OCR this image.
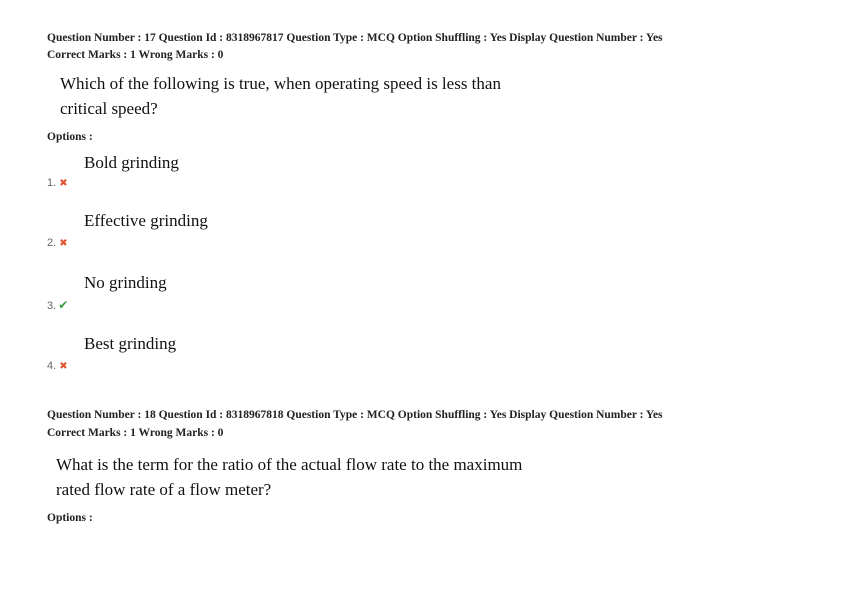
Question Number : 17 Question Id : 8318967817 Question Type : MCQ Option Shuffling : Yes Display Question Number : Yes
Correct Marks : 1 Wrong Marks : 0
Which of the following is true, when operating speed is less than
critical speed?
Options :
Bold grinding
1. ✖
Effective grinding
2. ✖
No grinding
3. ✔
Best grinding
4. ✖
Question Number : 18 Question Id : 8318967818 Question Type : MCQ Option Shuffling : Yes Display Question Number : Yes
Correct Marks : 1 Wrong Marks : 0
What is the term for the ratio of the actual flow rate to the maximum
rated flow rate of a flow meter?
Options :
